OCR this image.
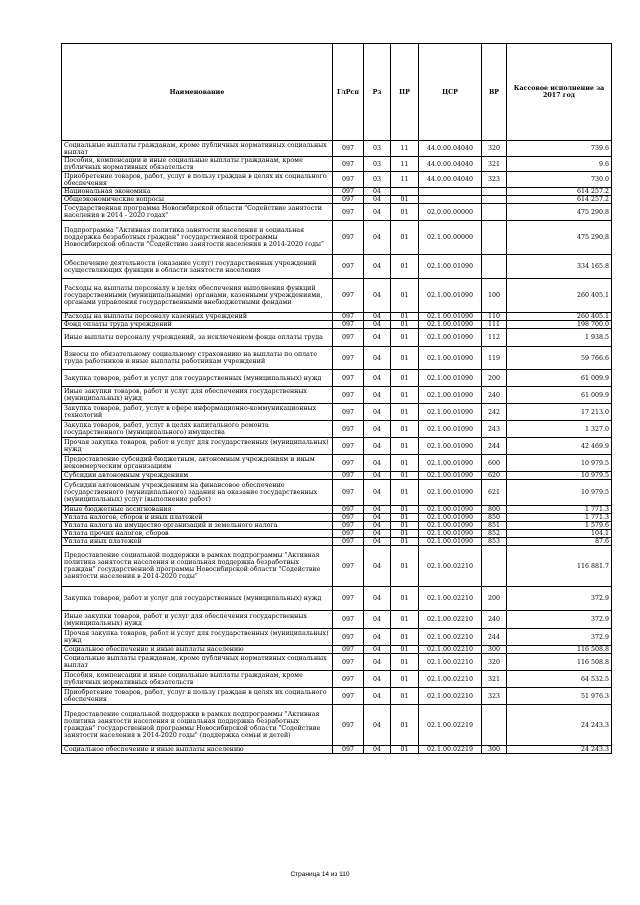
Наименование	ГлРсп	Рз	ПР	ЦСР	ВР	Кассовое исполнение за 2017 год
Социальные выплаты гражданам, кроме публичных нормативных социальных выплат	097	03	11	44.0.00.04040	320	739.6
Пособия, компенсации и иные социальные выплаты гражданам, кроме публичных нормативных обязательств	097	03	11	44.0.00.04040	321	9.6
Приобретение товаров, работ, услуг в пользу граждан в целях их социального обеспечения	097	03	11	44.0.00.04040	323	730.0
Национальная экономика	097	04				614 257.2
Общеэкономические вопросы	097	04	01			614 257.2
Государственная программа Новосибирской области "Содействие занятости населения в 2014 - 2020 годах"	097	04	01	02.0.00.00000		475 290.8
Подпрограмма "Активная политика занятости населения и социальная поддержка безработных граждан" государственной программы Новосибирской области "Содействие занятости населения в 2014-2020 годы"	097	04	01	02.1.00.00000		475 290.8
Обеспечение деятельности (оказание услуг) государственных учреждений осуществляющих функции в области занятости населения	097	04	01	02.1.00.01090		334 165.8
Расходы на выплаты персоналу в целях обеспечения выполнения функций государственными (муниципальными) органами, казенными учреждениями, органами управления государственными внебюджетными фондами	097	04	01	02.1.00.01090	100	260 405.1
Расходы на выплаты персоналу казенных учреждений	097	04	01	02.1.00.01090	110	260 405.1
Фонд оплаты труда учреждений	097	04	01	02.1.00.01090	111	198 700.0
Иные выплаты персоналу учреждений, за исключением фонда оплаты труда	097	04	01	02.1.00.01090	112	1 938.5
Взносы по обязательному социальному страхованию на выплаты по оплате труда работников и иные выплаты работникам учреждений	097	04	01	02.1.00.01090	119	59 766.6
Закупка товаров, работ и услуг для государственных (муниципальных) нужд	097	04	01	02.1.00.01090	200	61 009.9
Иные закупки товаров, работ и услуг для обеспечения государственных (муниципальных) нужд	097	04	01	02.1.00.01090	240	61 009.9
Закупка товаров, работ, услуг в сфере информационно-коммуникационных технологий	097	04	01	02.1.00.01090	242	17 213.0
Закупка товаров, работ, услуг в целях капитального ремонта государственного (муниципального) имущества	097	04	01	02.1.00.01090	243	1 327.0
Прочая закупка товаров, работ и услуг для государственных (муниципальных) нужд	097	04	01	02.1.00.01090	244	42 469.9
Предоставление субсидий бюджетным, автономным учреждениям и иным некоммерческим организациям	097	04	01	02.1.00.01090	600	10 979.5
Субсидии автономным учреждениям	097	04	01	02.1.00.01090	620	10 979.5
Субсидии автономным учреждениям на финансовое обеспечение государственного (муниципального) задания на оказание государственных (муниципальных) услуг (выполнение работ)	097	04	01	02.1.00.01090	621	10 979.5
Иные бюджетные ассигнования	097	04	01	02.1.00.01090	800	1 771.3
Уплата налогов, сборов и иных платежей	097	04	01	02.1.00.01090	850	1 771.3
Уплата налога на имущество организаций и земельного налога	097	04	01	02.1.00.01090	851	1 579.6
Уплата прочих налогов, сборов	097	04	01	02.1.00.01090	852	104.1
Уплата иных платежей	097	04	01	02.1.00.01090	853	87.6
Предоставление социальной поддержки в рамках подпрограммы "Активная политика занятости населения и социальная поддержка безработных граждан" государственной программы Новосибирской области "Содействие занятости населения в 2014-2020 годы"	097	04	01	02.1.00.02210		116 881.7
Закупка товаров, работ и услуг для государственных (муниципальных) нужд	097	04	01	02.1.00.02210	200	372.9
Иные закупки товаров, работ и услуг для обеспечения государственных (муниципальных) нужд	097	04	01	02.1.00.02210	240	372.9
Прочая закупка товаров, работ и услуг для государственных (муниципальных) нужд	097	04	01	02.1.00.02210	244	372.9
Социальное обеспечение и иные выплаты населению	097	04	01	02.1.00.02210	300	116 508.8
Социальные выплаты гражданам, кроме публичных нормативных социальных выплат	097	04	01	02.1.00.02210	320	116 508.8
Пособия, компенсации и иные социальные выплаты гражданам, кроме публичных нормативных обязательств	097	04	01	02.1.00.02210	321	64 532.5
Приобретение товаров, работ, услуг в пользу граждан в целях их социального обеспечения	097	04	01	02.1.00.02210	323	51 976.3
Предоставление социальной поддержки в рамках подпрограммы "Активная политика занятости населения и социальная поддержка безработных граждан" государственной программы Новосибирской области "Содействие занятости населения в 2014-2020 годы" (поддержка семьи и детей)	097	04	01	02.1.00.02219		24 243.3
Социальное обеспечение и иные выплаты населению	097	04	01	02.1.00.02219	300	24 243.3
Страница 14 из 110
